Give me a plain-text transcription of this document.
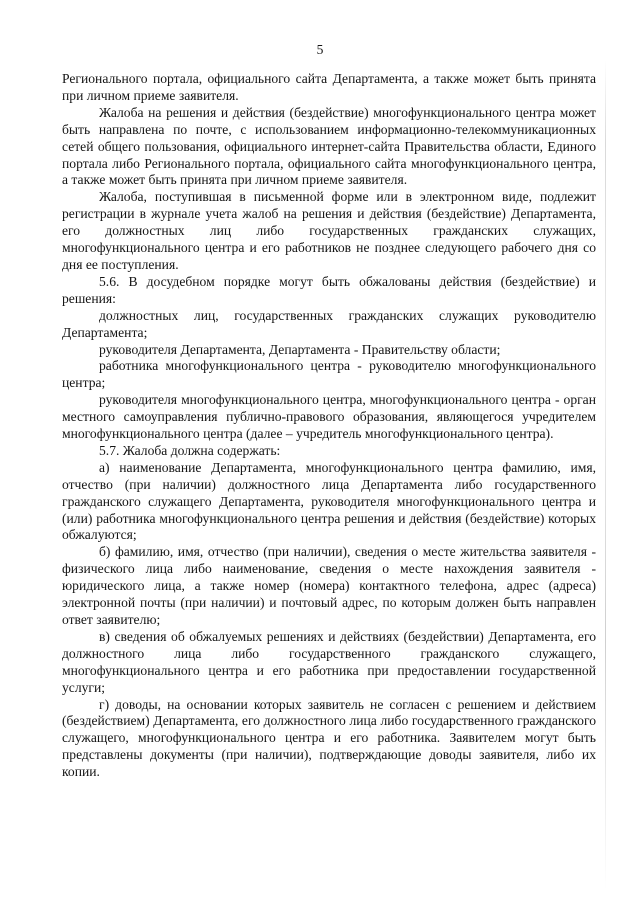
5

Регионального портала, официального сайта Департамента, а также может быть принята при личном приеме заявителя.

Жалоба на решения и действия (бездействие) многофункционального центра может быть направлена по почте, с использованием информационно-телекоммуникационных сетей общего пользования, официального интернет-сайта Правительства области, Единого портала либо Регионального портала, официального сайта многофункционального центра, а также может быть принята при личном приеме заявителя.

Жалоба, поступившая в письменной форме или в электронном виде, подлежит регистрации в журнале учета жалоб на решения и действия (бездействие) Департамента, его должностных лиц либо государственных гражданских служащих, многофункционального центра и его работников не позднее следующего рабочего дня со дня ее поступления.

5.6. В досудебном порядке могут быть обжалованы действия (бездействие) и решения:

должностных лиц, государственных гражданских служащих руководителю Департамента;

руководителя Департамента, Департамента - Правительству области;

работника многофункционального центра - руководителю многофункционального центра;

руководителя многофункционального центра, многофункционального центра - орган местного самоуправления публично-правового образования, являющегося учредителем многофункционального центра (далее – учредитель многофункционального центра).

5.7. Жалоба должна содержать:

а) наименование Департамента, многофункционального центра фамилию, имя, отчество (при наличии) должностного лица Департамента либо государственного гражданского служащего Департамента, руководителя многофункционального центра и (или) работника многофункционального центра решения и действия (бездействие) которых обжалуются;

б) фамилию, имя, отчество (при наличии), сведения о месте жительства заявителя - физического лица либо наименование, сведения о месте нахождения заявителя - юридического лица, а также номер (номера) контактного телефона, адрес (адреса) электронной почты (при наличии) и почтовый адрес, по которым должен быть направлен ответ заявителю;

в) сведения об обжалуемых решениях и действиях (бездействии) Департамента, его должностного лица либо государственного гражданского служащего, многофункционального центра и его работника при предоставлении государственной услуги;

г) доводы, на основании которых заявитель не согласен с решением и действием (бездействием) Департамента, его должностного лица либо государственного гражданского служащего, многофункционального центра и его работника. Заявителем могут быть представлены документы (при наличии), подтверждающие доводы заявителя, либо их копии.
